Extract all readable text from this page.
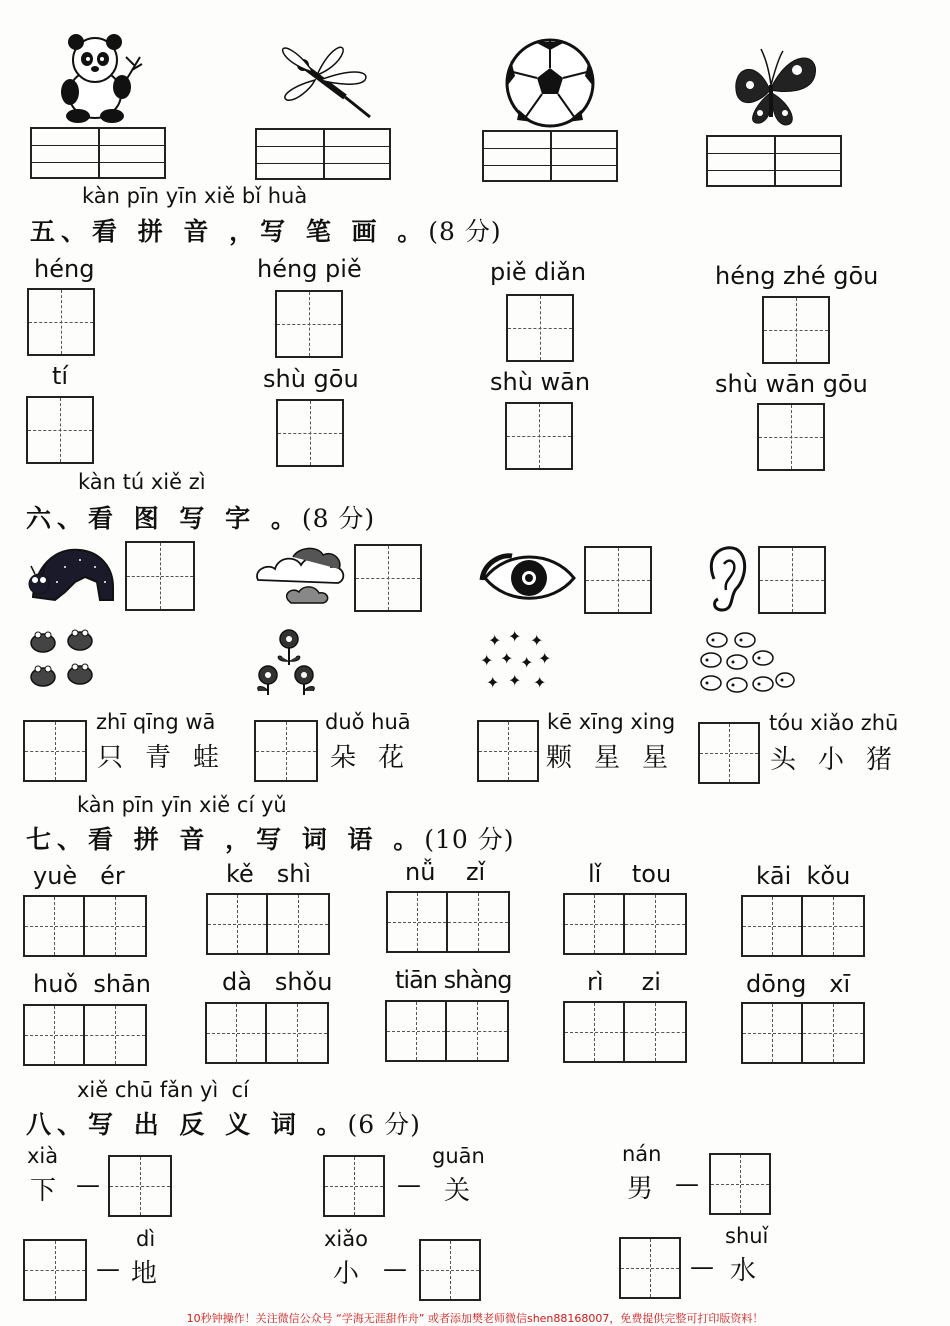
kàn pīn yīn xiě bǐ huà
五、看 拼 音 ，写 笔 画 。(8 分)
héng	héng piě	piě diǎn	héng zhé gōu
tí	shù gōu	shù wān	shù wān gōu
kàn tú xiě zì
六、看 图 写 字 。(8 分)
✦ ✦ ✦
✦ ✦ ✦ ✦
✦ ✦ ✦
zhī qīng wā
只青蛙
duǒ huā
朵花
kē xīng xing
颗星星
tóu xiǎo zhū
头小猪
kàn pīn yīn xiě cí yǔ
七、看 拼 音 ，写 词 语 。(10 分)
yuè   ér	kě   shì	nǚ    zǐ	lǐ    tou	kāi  kǒu
huǒ  shān	dà   shǒu	tiān shàng	rì     zi	dōng   xī
xiě chū fǎn yì  cí
八、写 出 反 义 词 。(6 分)
xià
下 —	—
guān
关
nán
男 —
—
dì
地
xiǎo
小 —	—
shuǐ
水
10秒钟操作！关注微信公众号 “学海无涯甜作舟” 或者添加樊老师微信shen88168007，免费提供完整可打印版资料！
